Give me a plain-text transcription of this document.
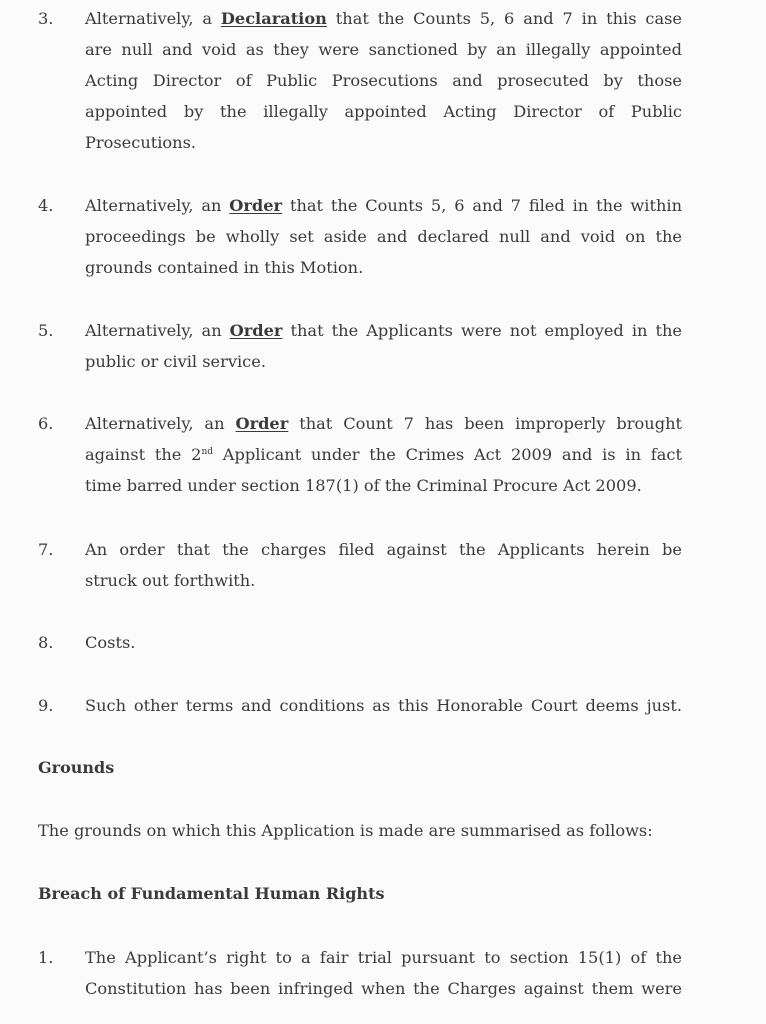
3.	Alternatively, a Declaration that the Counts 5, 6 and 7 in this case
are null and void as they were sanctioned by an illegally appointed
Acting Director of Public Prosecutions and prosecuted by those
appointed by the illegally appointed Acting Director of Public
Prosecutions.
4.	Alternatively, an Order that the Counts 5, 6 and 7 filed in the within
proceedings be wholly set aside and declared null and void on the
grounds contained in this Motion.
5.	Alternatively, an Order that the Applicants were not employed in the
public or civil service.
6.	Alternatively, an Order that Count 7 has been improperly brought
against the 2nd Applicant under the Crimes Act 2009 and is in fact
time barred under section 187(1) of the Criminal Procure Act 2009.
7.	An order that the charges filed against the Applicants herein be
struck out forthwith.
8.	Costs.
9.	Such other terms and conditions as this Honorable Court deems just.
Grounds
The grounds on which this Application is made are summarised as follows:
Breach of Fundamental Human Rights
1.	The Applicant’s right to a fair trial pursuant to section 15(1) of the
Constitution has been infringed when the Charges against them were
